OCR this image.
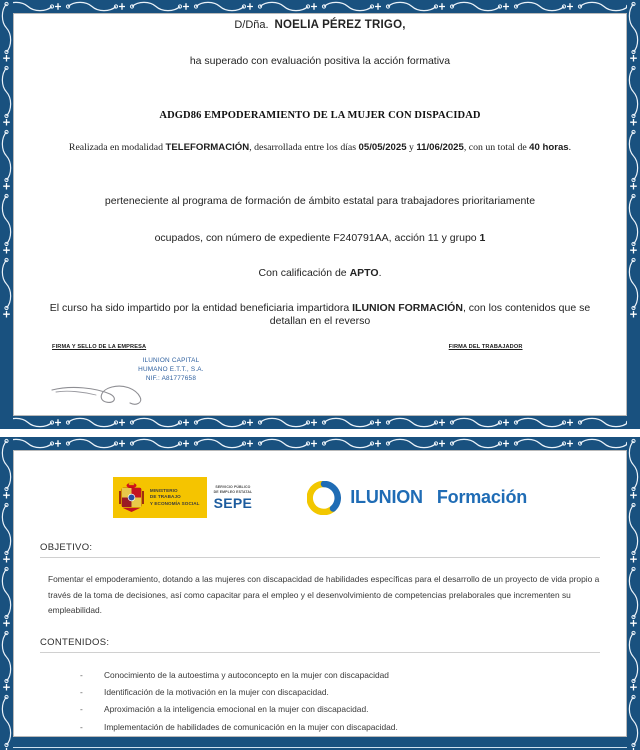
D/Dña. NOELIA PÉREZ TRIGO,

ha superado con evaluación positiva la acción formativa

ADGD86 EMPODERAMIENTO DE LA MUJER CON DISPACIDAD

Realizada en modalidad TELEFORMACIÓN, desarrollada entre los días 05/05/2025 y 11/06/2025, con un total de 40 horas.

perteneciente al programa de formación de ámbito estatal para trabajadores prioritariamente

ocupados, con número de expediente F240791AA, acción 11 y grupo 1

Con calificación de APTO.

El curso ha sido impartido por la entidad beneficiaria impartidora ILUNION FORMACIÓN, con los contenidos que se detallan en el reverso

FIRMA Y SELLO DE LA EMPRESA
ILUNION CAPITAL
HUMANO E.T.T., S.A.
NIF.: A81777658
FIRMA DEL TRABAJADOR
MINISTERIO
DE TRABAJO
Y ECONOMÍA SOCIAL
SERVICIO PÚBLICO
DE EMPLEO ESTATAL
SEPE	ILUNION Formación
OBJETIVO:

Fomentar el empoderamiento, dotando a las mujeres con discapacidad de habilidades específicas para el desarrollo de un proyecto de vida propio a través de la toma de decisiones, así como capacitar para el empleo y el desenvolvimiento de competencias prelaborales que incrementen su empleabilidad.

CONTENIDOS:
- Conocimiento de la autoestima y autoconcepto en la mujer con discapacidad
- Identificación de la motivación en la mujer con discapacidad.
- Aproximación a la inteligencia emocional en la mujer con discapacidad.
- Implementación de habilidades de comunicación en la mujer con discapacidad.
